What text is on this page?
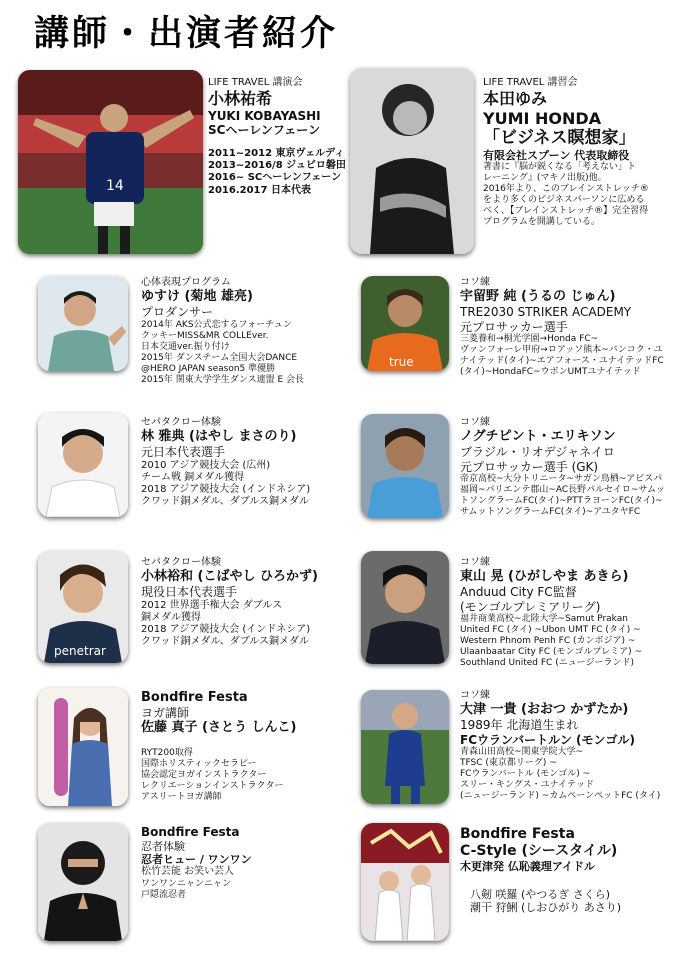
講師・出演者紹介
14
LIFE TRAVEL 講演会
小林祐希
YUKI KOBAYASHI
SCヘーレンフェーン
2011~2012 東京ヴェルディ
2013~2016/8 ジュビロ磐田
2016~ SCヘーレンフェーン
2016.2017 日本代表
LIFE TRAVEL 講習会
本田ゆみ
YUMI HONDA
「ビジネス瞑想家」
有限会社スプーン 代表取締役
著書に『脳が鋭くなる「考えない」ト
レーニング』(マキノ出版)他。
2016年より、このブレインストレッチ®
をより多くのビジネスパーソンに広める
べく、【ブレインストレッチ®】完全習得
プログラムを開講している。
心体表現プログラム
ゆすけ (菊地 雄亮)
プロダンサー
2014年 AKS公式恋するフォーチュン
クッキーMISS&MR COLLEver.
日本交通ver.振り付け
2015年 ダンスチーム全国大会DANCE
@HERO JAPAN season5 準優勝
2015年 関東大学学生ダンス連盟 E 会長
true
コソ練
宇留野 純 (うるの じゅん)
TRE2030 STRIKER ACADEMY
元プロサッカー選手
三菱養和→桐光学園→Honda FC~
ヴァンフォーレ甲府→ロアッソ熊本~バンコク・ユ
ナイテッド(タイ)~エアフォース・ユナイテッドFC
(タイ)~HondaFC~ウボンUMTユナイテッド
セパタクロー体験
林 雅典 (はやし まさのり)
元日本代表選手
2010 アジア競技大会 (広州)
チーム戦 銅メダル獲得
2018 アジア競技大会 (インドネシア)
クワッド銅メダル、ダブルス銅メダル
コソ練
ノグチピント・エリキソン
ブラジル・リオデジャネイロ
元プロサッカー選手 (GK)
帝京高校~大分トリニータ~サガン鳥栖~アビスパ
福岡~パリエンテ郡山~AC長野パルセイロ~サムッ
トソングラームFC(タイ)~PTTラヨーンFC(タイ)~
サムットソングラームFC(タイ)~アユタヤFC
penetrar
セパタクロー体験
小林裕和 (こばやし ひろかず)
現役日本代表選手
2012 世界選手権大会 ダブルス
銅メダル獲得
2018 アジア競技大会 (インドネシア)
クワッド銅メダル、ダブルス銅メダル
コソ練
東山 晃 (ひがしやま あきら)
Anduud City FC監督
(モンゴルプレミアリーグ)
福井商業高校~北陸大学~Samut Prakan
United FC (タイ) ~Ubon UMT FC (タイ) ~
Western Phnom Penh FC (カンボジア) ~
Ulaanbaatar City FC (モンゴルプレミア) ~
Southland United FC (ニュージーランド)
Bondfire Festa
ヨガ講師
佐藤 真子 (さとう しんこ)
RYT200取得
国際ホリスティックセラピー
協会認定ヨガインストラクター
レクリエーションインストラクター
アスリートヨガ講師
コソ練
大津 一貴 (おおつ かずたか)
1989年 北海道生まれ
FCウランバートルン (モンゴル)
青森山田高校~関東学院大学~
TFSC (東京都リーグ) ~
FCウランバートル (モンゴル) ~
スリー・キングス・ユナイテッド
(ニュージーランド) ~カムペーンペットFC (タイ)
Bondfire Festa
忍者体験
忍者ヒュー / ワンワン
松竹芸能 お笑い芸人
ワンワンニャンニャン
戸隠流忍者
Bondfire Festa
C-Style (シースタイル)
木更津発 仏恥義理アイドル
八剱 咲羅 (やつるぎ さくら)
潮干 狩鯏 (しおひがり あさり)
